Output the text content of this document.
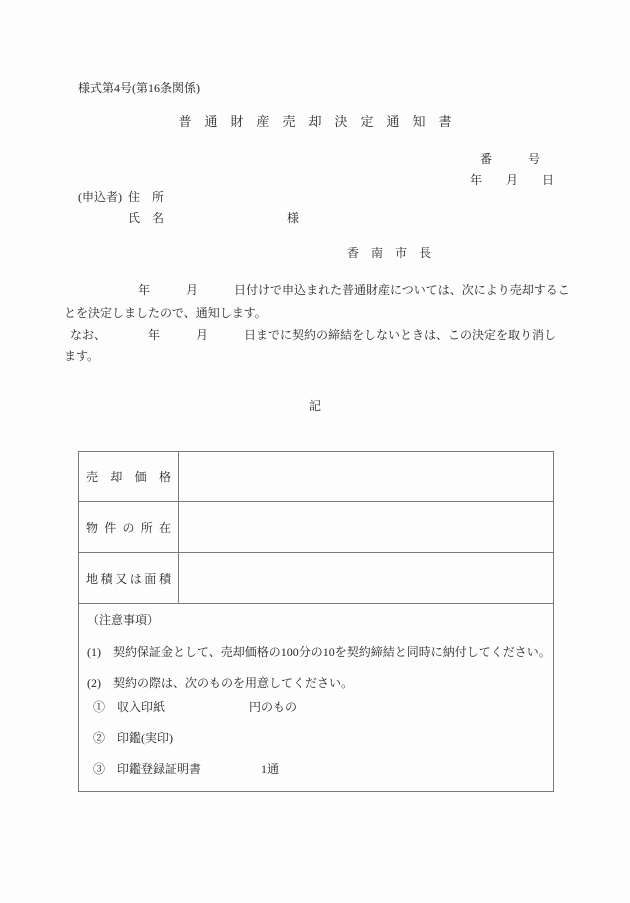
様式第4号(第16条関係)
普　通　財　産　売　却　決　定　通　知　書
番　　　号
年　　月　　日
(申込者) 住　所
氏　名	様
香　南　市　長
年　　　月　　　日付けで申込まれた普通財産については、次により売却するこ
とを決定しましたので、通知します。
なお、　　　　年　　　月　　　日までに契約の締結をしないときは、この決定を取り消し
ます。
記
売却価格
物件の所在
地積又は面積
（注意事項）
(1)　契約保証金として、売却価格の100分の10を契約締結と同時に納付してください。
(2)　契約の際は、次のものを用意してください。
①　収入印紙　　　　　　　円のもの
②　印鑑(実印)
③　印鑑登録証明書　　　　　1通
